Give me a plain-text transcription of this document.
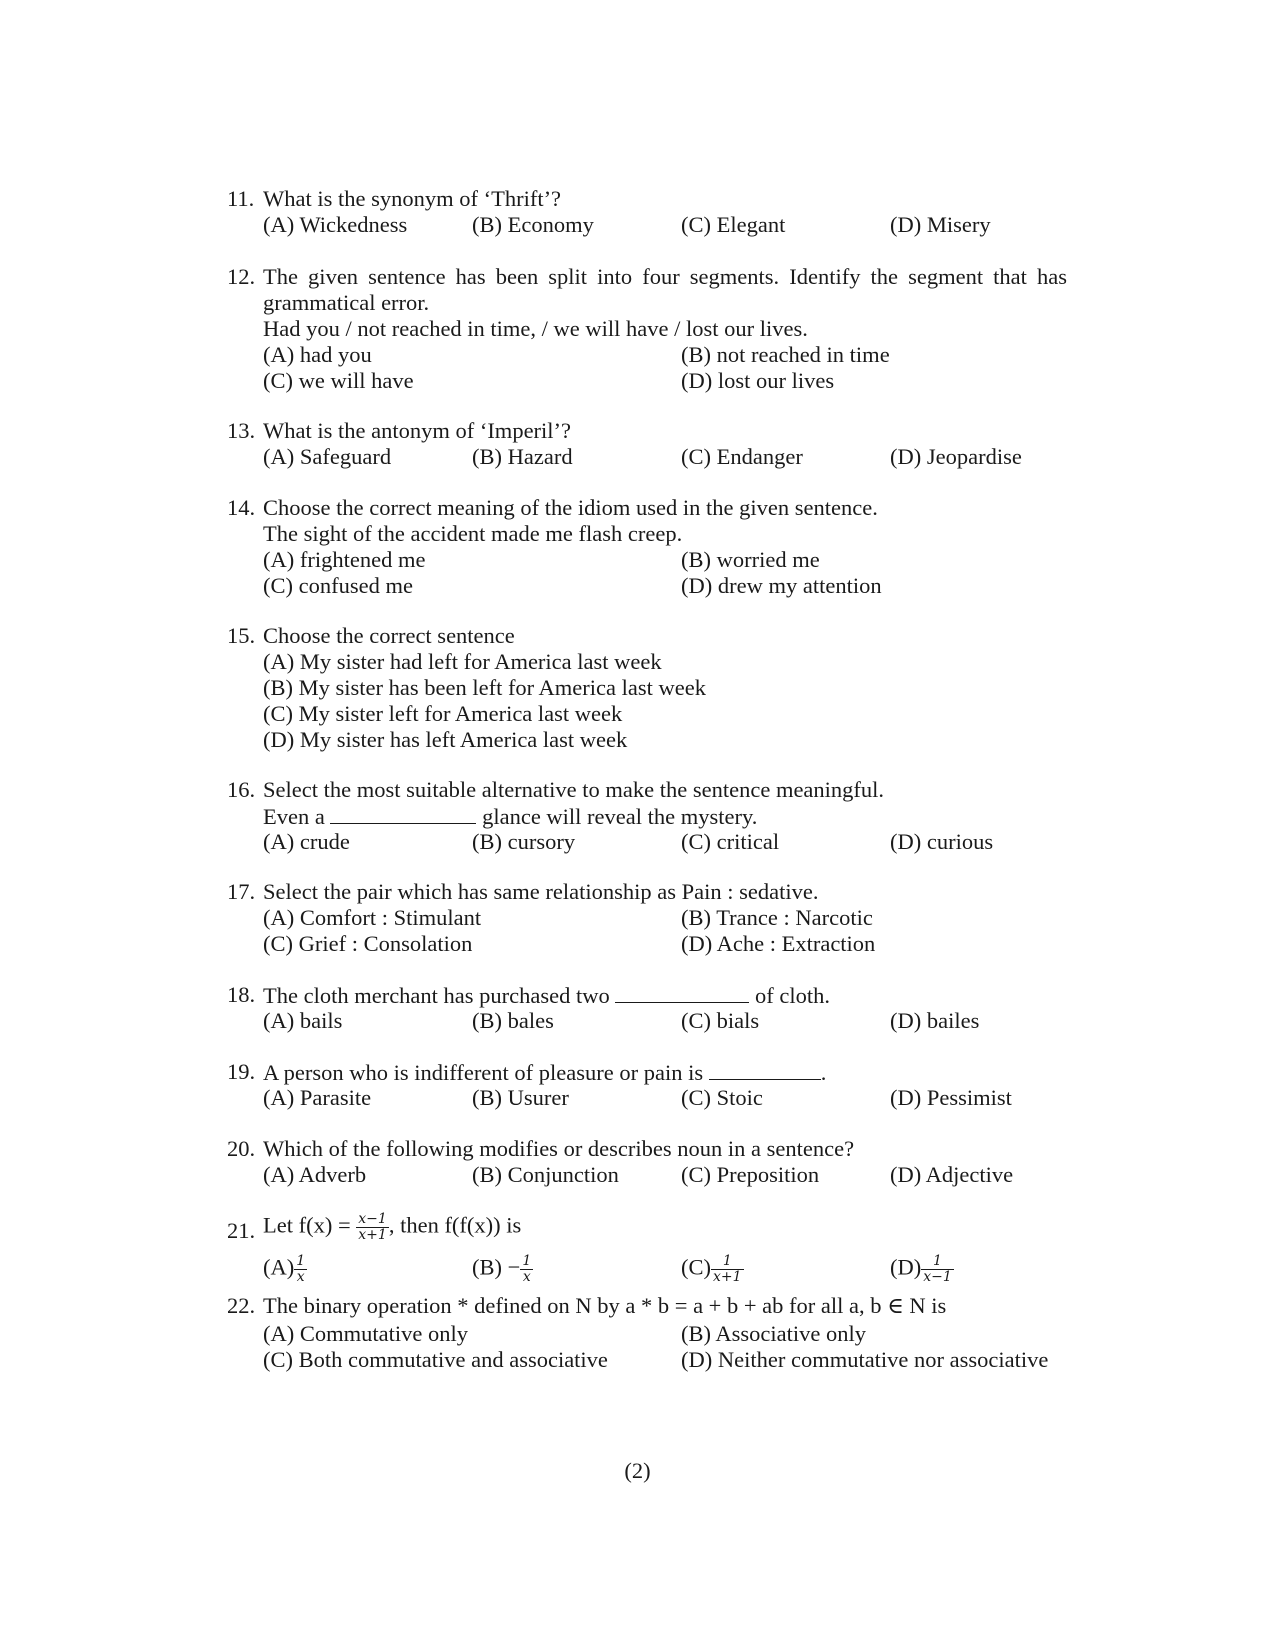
11. What is the synonym of ‘Thrift’?
(A) Wickedness	(B) Economy	(C) Elegant	(D) Misery
12. The given sentence has been split into four segments. Identify the segment that has
grammatical error.
Had you / not reached in time, / we will have / lost our lives.
(A) had you	(B) not reached in time
(C) we will have	(D) lost our lives
13. What is the antonym of ‘Imperil’?
(A) Safeguard	(B) Hazard	(C) Endanger	(D) Jeopardise
14. Choose the correct meaning of the idiom used in the given sentence.
The sight of the accident made me flash creep.
(A) frightened me	(B) worried me
(C) confused me	(D) drew my attention
15. Choose the correct sentence
(A) My sister had left for America last week
(B) My sister has been left for America last week
(C) My sister left for America last week
(D) My sister has left America last week
16. Select the most suitable alternative to make the sentence meaningful.
Even a	glance will reveal the mystery.
(A) crude	(B) cursory	(C) critical	(D) curious
17. Select the pair which has same relationship as Pain : sedative.
(A) Comfort : Stimulant	(B) Trance : Narcotic
(C) Grief : Consolation	(D) Ache : Extraction
18. The cloth merchant has purchased two	of cloth.
(A) bails	(B) bales	(C) bials	(D) bailes
19. A person who is indifferent of pleasure or pain is	.
(A) Parasite	(B) Usurer	(C) Stoic	(D) Pessimist
20. Which of the following modifies or describes noun in a sentence?
(A) Adverb	(B) Conjunction	(C) Preposition	(D) Adjective
21. Let $f(x) = \frac{x-1}{x+1}$ , then f(f(x)) is
$(A) \frac{1}{x}$	$(B) - \frac{1}{x}$	$(C) \frac{1}{x+1}$	$(D) \frac{1}{x-1}$
22. The binary operation * defined on N by a * b = a + b + ab for all a, b ∈ N is
(A) Commutative only	(B) Associative only
(C) Both commutative and associative	(D) Neither commutative nor associative
(2)
